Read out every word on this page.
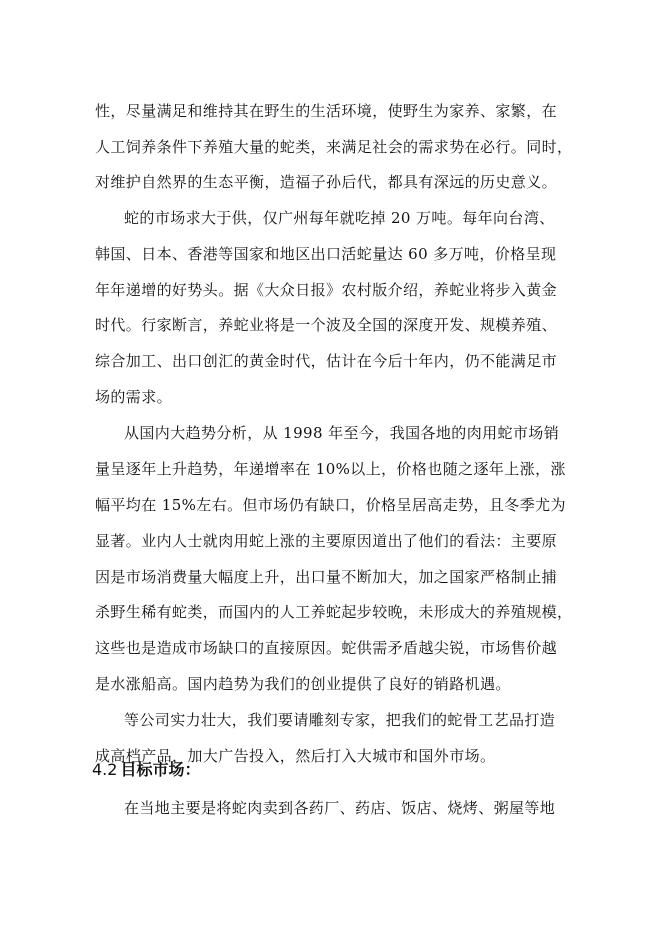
性，尽量满足和维持其在野生的生活环境，使野生为家养、家繁，在
人工饲养条件下养殖大量的蛇类，来满足社会的需求势在必行。同时，
对维护自然界的生态平衡，造福子孙后代，都具有深远的历史意义。
蛇的市场求大于供，仅广州每年就吃掉 20 万吨。每年向台湾、
韩国、日本、香港等国家和地区出口活蛇量达 60 多万吨，价格呈现
年年递增的好势头。据《大众日报》农村版介绍，养蛇业将步入黄金
时代。行家断言，养蛇业将是一个波及全国的深度开发、规模养殖、
综合加工、出口创汇的黄金时代，估计在今后十年内，仍不能满足市
场的需求。
从国内大趋势分析，从 1998 年至今，我国各地的肉用蛇市场销
量呈逐年上升趋势，年递增率在 10%以上，价格也随之逐年上涨，涨
幅平均在 15%左右。但市场仍有缺口，价格呈居高走势，且冬季尤为
显著。业内人士就肉用蛇上涨的主要原因道出了他们的看法：主要原
因是市场消费量大幅度上升，出口量不断加大，加之国家严格制止捕
杀野生稀有蛇类，而国内的人工养蛇起步较晚，未形成大的养殖规模，
这些也是造成市场缺口的直接原因。蛇供需矛盾越尖锐，市场售价越
是水涨船高。国内趋势为我们的创业提供了良好的销路机遇。
等公司实力壮大，我们要请雕刻专家，把我们的蛇骨工艺品打造
成高档产品，加大广告投入，然后打入大城市和国外市场。
4.2 目标市场：
在当地主要是将蛇肉卖到各药厂、药店、饭店、烧烤、粥屋等地
